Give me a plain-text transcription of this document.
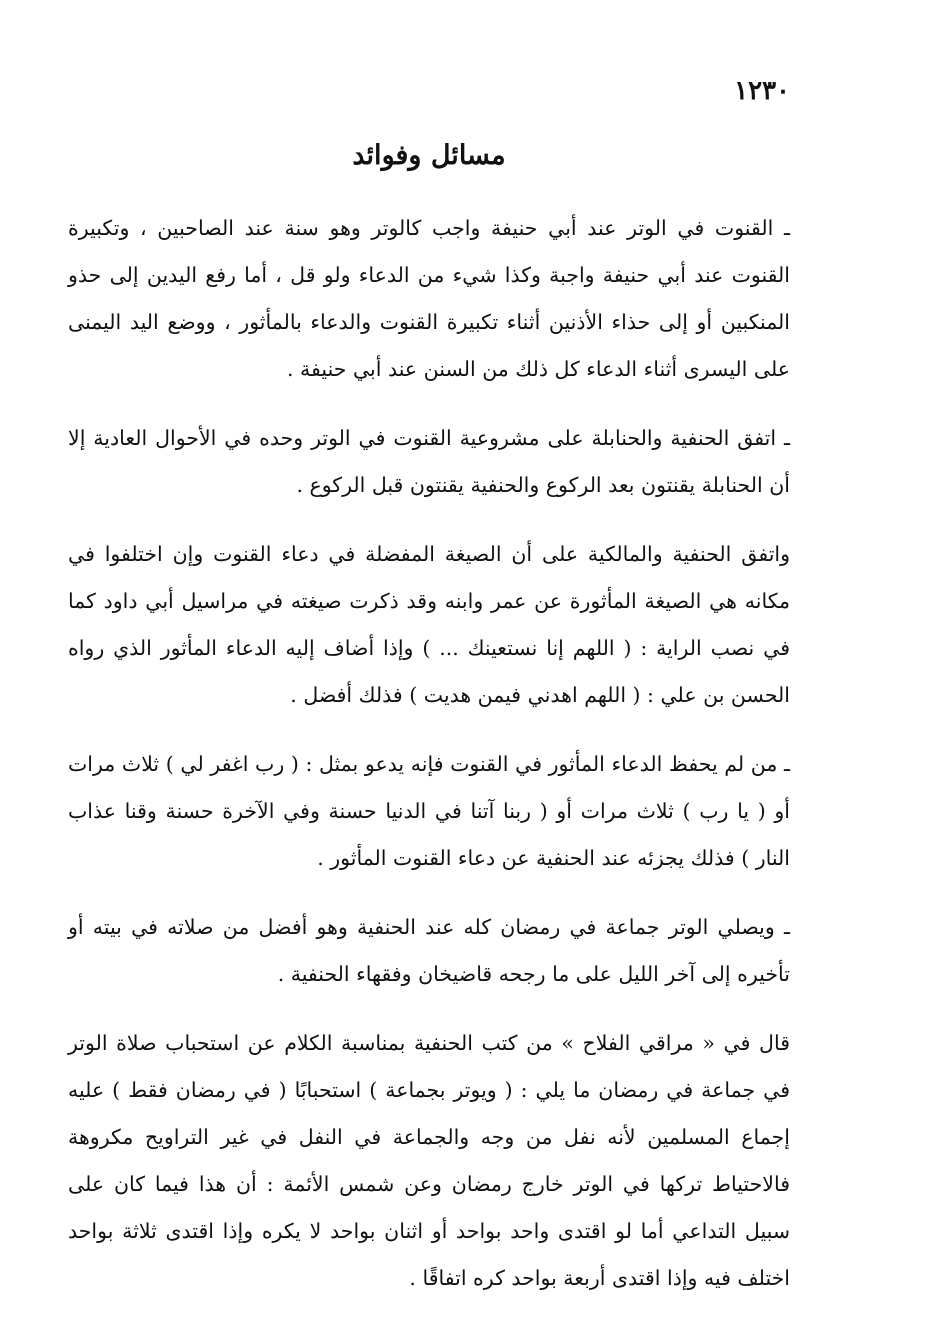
١٢٣٠
مسائل وفوائد

ـ القنوت في الوتر عند أبي حنيفة واجب كالوتر وهو سنة عند الصاحبين ، وتكبيرة القنوت عند أبي حنيفة واجبة وكذا شيء من الدعاء ولو قل ، أما رفع اليدين إلى حذو المنكبين أو إلى حذاء الأذنين أثناء تكبيرة القنوت والدعاء بالمأثور ، ووضع اليد اليمنى على اليسرى أثناء الدعاء كل ذلك من السنن عند أبي حنيفة .

ـ اتفق الحنفية والحنابلة على مشروعية القنوت في الوتر وحده في الأحوال العادية إلا أن الحنابلة يقنتون بعد الركوع والحنفية يقنتون قبل الركوع .

واتفق الحنفية والمالكية على أن الصيغة المفضلة في دعاء القنوت وإن اختلفوا في مكانه هي الصيغة المأثورة عن عمر وابنه وقد ذكرت صيغته في مراسيل أبي داود كما في نصب الراية : ( اللهم إنا نستعينك ... ) وإذا أضاف إليه الدعاء المأثور الذي رواه الحسن بن علي : ( اللهم اهدني فيمن هديت ) فذلك أفضل .

ـ من لم يحفظ الدعاء المأثور في القنوت فإنه يدعو بمثل : ( رب اغفر لي ) ثلاث مرات أو ( يا رب ) ثلاث مرات أو ( ربنا آتنا في الدنيا حسنة وفي الآخرة حسنة وقنا عذاب النار ) فذلك يجزئه عند الحنفية عن دعاء القنوت المأثور .

ـ ويصلي الوتر جماعة في رمضان كله عند الحنفية وهو أفضل من صلاته في بيته أو تأخيره إلى آخر الليل على ما رجحه قاضيخان وفقهاء الحنفية .

قال في « مراقي الفلاح » من كتب الحنفية بمناسبة الكلام عن استحباب صلاة الوتر في جماعة في رمضان ما يلي : ( ويوتر بجماعة ) استحبابًا ( في رمضان فقط ) عليه إجماع المسلمين لأنه نفل من وجه والجماعة في النفل في غير التراويح مكروهة فالاحتياط تركها في الوتر خارج رمضان وعن شمس الأئمة : أن هذا فيما كان على سبيل التداعي أما لو اقتدى واحد بواحد أو اثنان بواحد لا يكره وإذا اقتدى ثلاثة بواحد اختلف فيه وإذا اقتدى أربعة بواحد كره اتفاقًا .
